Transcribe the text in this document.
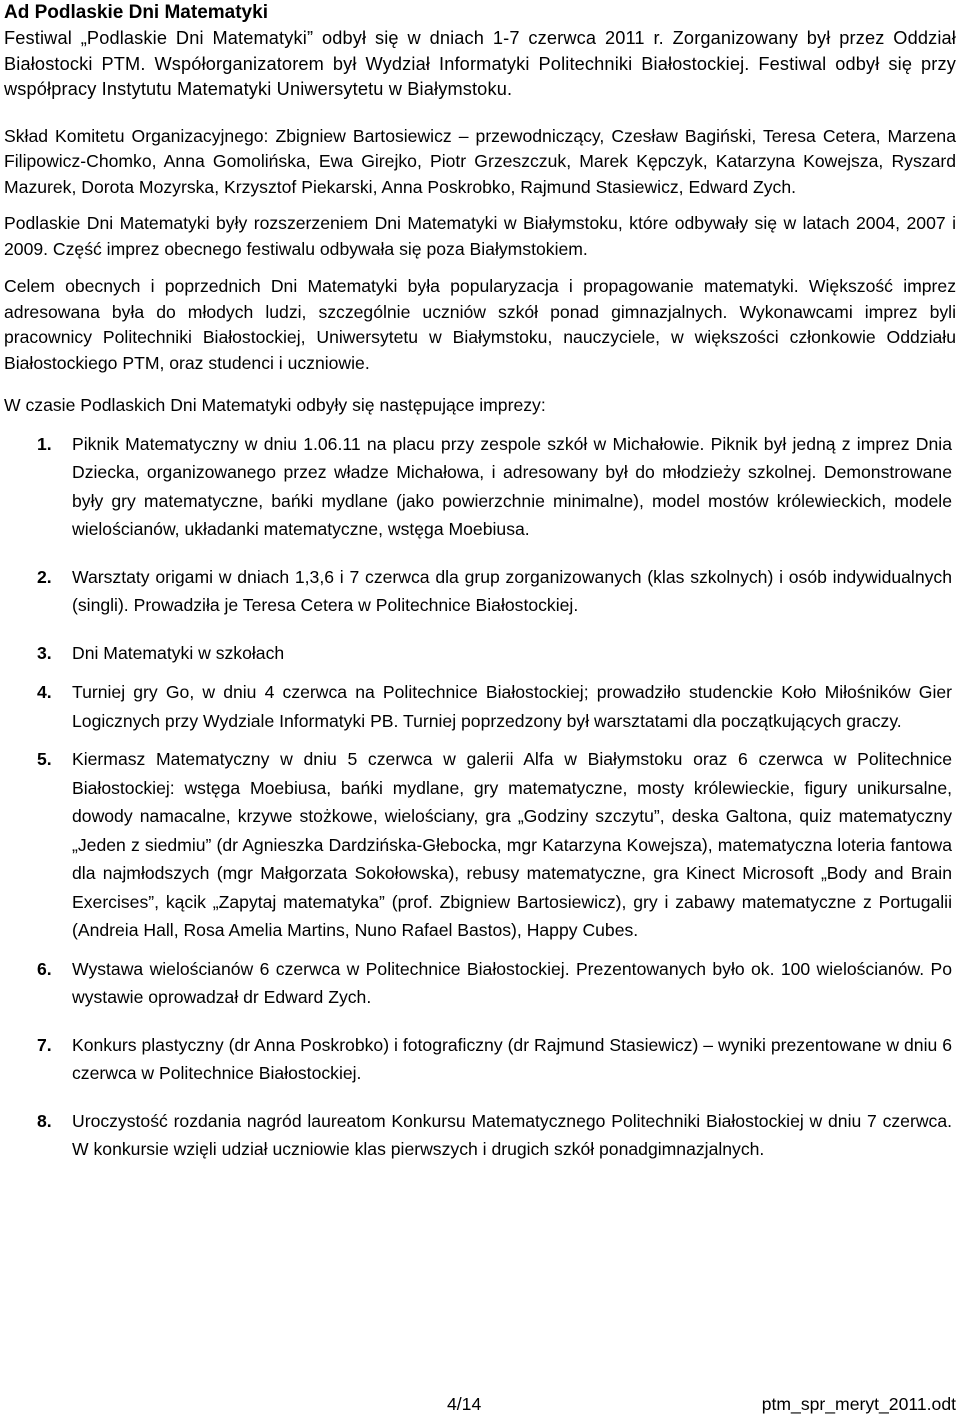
Ad Podlaskie Dni Matematyki

Festiwal „Podlaskie Dni Matematyki” odbył się w dniach 1-7 czerwca 2011 r. Zorganizowany był przez Oddział Białostocki PTM. Współorganizatorem był Wydział Informatyki Politechniki Białostockiej. Festiwal odbył się przy współpracy Instytutu Matematyki Uniwersytetu w Białymstoku.

Skład Komitetu Organizacyjnego: Zbigniew Bartosiewicz – przewodniczący, Czesław Bagiński, Teresa Cetera, Marzena Filipowicz-Chomko, Anna Gomolińska, Ewa Girejko, Piotr Grzeszczuk, Marek Kępczyk, Katarzyna Kowejsza, Ryszard Mazurek, Dorota Mozyrska, Krzysztof Piekarski, Anna Poskrobko, Rajmund Stasiewicz, Edward Zych.

Podlaskie Dni Matematyki były rozszerzeniem Dni Matematyki w Białymstoku, które odbywały się w latach 2004, 2007 i 2009. Część imprez obecnego festiwalu odbywała się poza Białymstokiem.

Celem obecnych i poprzednich Dni Matematyki była popularyzacja i propagowanie matematyki. Większość imprez adresowana była do młodych ludzi, szczególnie uczniów szkół ponad gimnazjalnych. Wykonawcami imprez byli pracownicy Politechniki Białostockiej, Uniwersytetu w Białymstoku, nauczyciele, w większości członkowie Oddziału Białostockiego PTM, oraz studenci i uczniowie.

W czasie Podlaskich Dni Matematyki odbyły się następujące imprezy:

1.	Piknik Matematyczny w dniu 1.06.11 na placu przy zespole szkół w Michałowie. Piknik był jedną z imprez Dnia Dziecka, organizowanego przez władze Michałowa, i adresowany był do młodzieży szkolnej. Demonstrowane były gry matematyczne, bańki mydlane (jako powierzchnie minimalne), model mostów królewieckich, modele wielościanów, układanki matematyczne, wstęga Moebiusa.
2.	Warsztaty origami w dniach 1,3,6 i 7 czerwca dla grup zorganizowanych (klas szkolnych) i osób indywidualnych (singli). Prowadziła je Teresa Cetera w Politechnice Białostockiej.
3.	Dni Matematyki w szkołach
4.	Turniej gry Go, w dniu 4 czerwca na Politechnice Białostockiej; prowadziło studenckie Koło Miłośników Gier Logicznych przy Wydziale Informatyki PB. Turniej poprzedzony był warsztatami dla początkujących graczy.
5.	Kiermasz Matematyczny w dniu 5 czerwca w galerii Alfa w Białymstoku oraz 6 czerwca w Politechnice Białostockiej: wstęga Moebiusa, bańki mydlane, gry matematyczne, mosty królewieckie, figury unikursalne, dowody namacalne, krzywe stożkowe, wielościany, gra „Godziny szczytu”, deska Galtona, quiz matematyczny „Jeden z siedmiu” (dr Agnieszka Dardzińska-Głebocka, mgr Katarzyna Kowejsza), matematyczna loteria fantowa dla najmłodszych (mgr Małgorzata Sokołowska), rebusy matematyczne, gra Kinect Microsoft „Body and Brain Exercises”, kącik „Zapytaj matematyka” (prof. Zbigniew Bartosiewicz), gry i zabawy matematyczne z Portugalii (Andreia Hall, Rosa Amelia Martins, Nuno Rafael Bastos), Happy Cubes.
6.	Wystawa wielościanów 6 czerwca w Politechnice Białostockiej. Prezentowanych było ok. 100 wielościanów. Po wystawie oprowadzał dr Edward Zych.
7.	Konkurs plastyczny (dr Anna Poskrobko) i fotograficzny (dr Rajmund Stasiewicz) – wyniki prezentowane w dniu 6 czerwca w Politechnice Białostockiej.
8.	Uroczystość rozdania nagród laureatom Konkursu Matematycznego Politechniki Białostockiej w dniu 7 czerwca. W konkursie wzięli udział uczniowie klas pierwszych i drugich szkół ponadgimnazjalnych.
4/14	ptm_spr_meryt_2011.odt
